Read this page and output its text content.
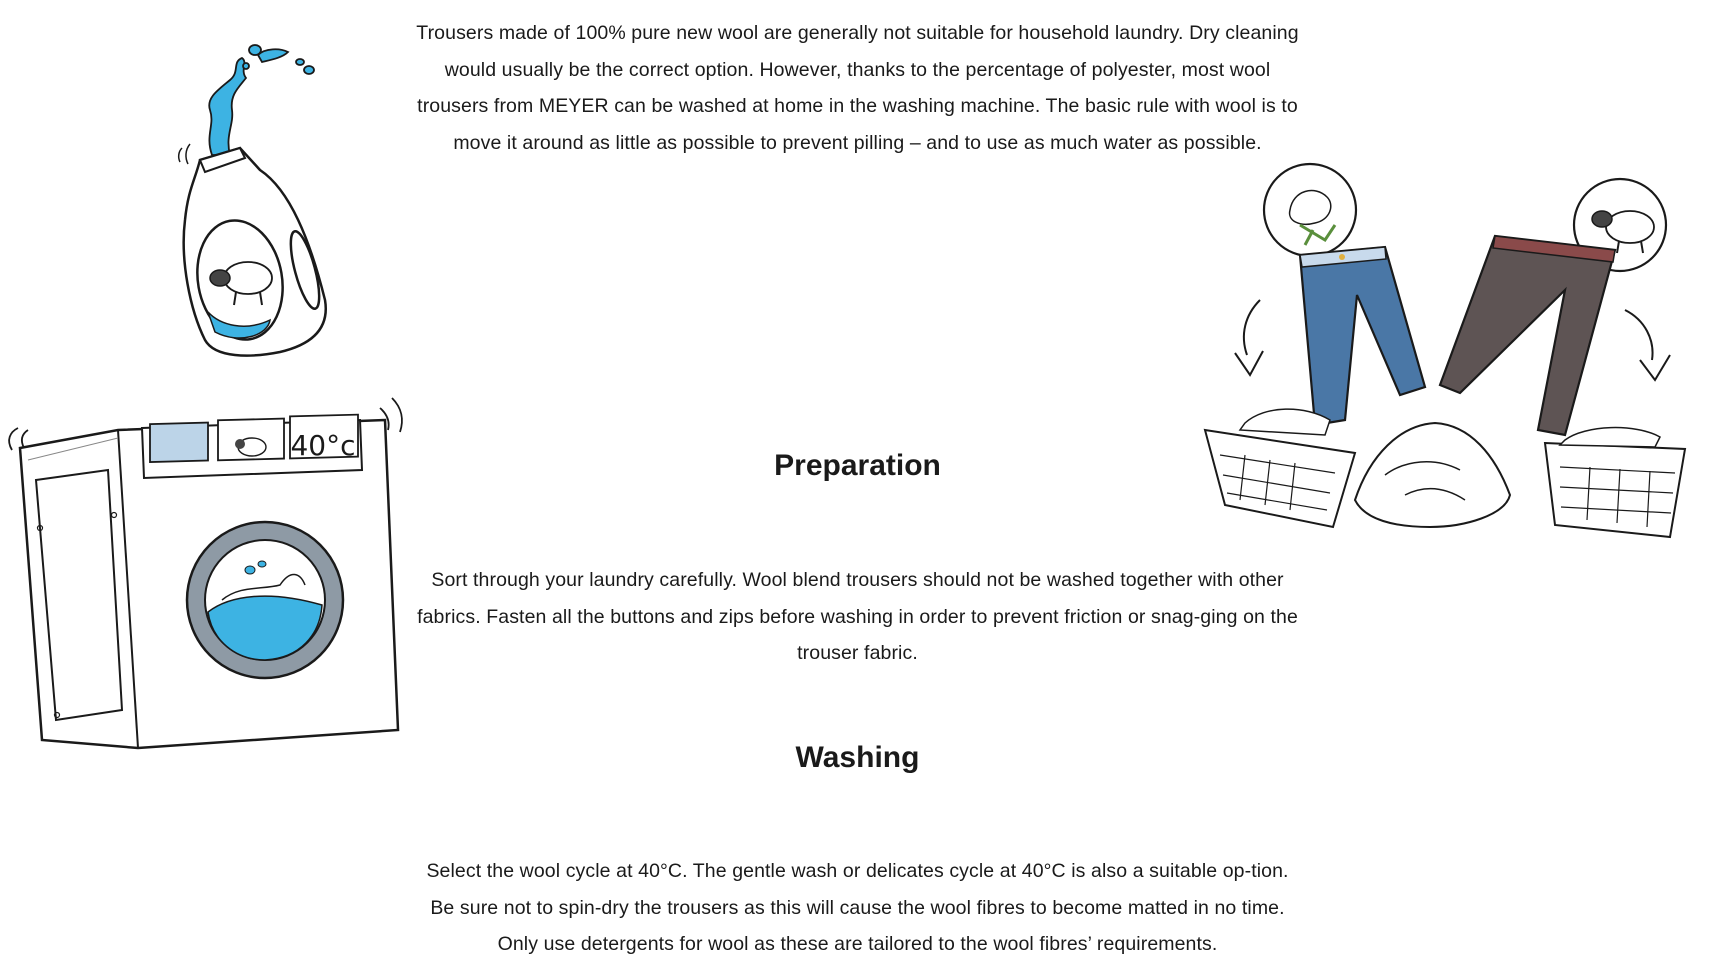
40°c

Trousers made of 100% pure new wool are generally not suitable for household laundry. Dry cleaning would usually be the correct option. However, thanks to the percentage of polyester, most wool trousers from MEYER can be washed at home in the washing machine. The basic rule with wool is to move it around as little as possible to prevent pilling – and to use as much water as possible.

Preparation

Sort through your laundry carefully. Wool blend trousers should not be washed together with other fabrics. Fasten all the buttons and zips before washing in order to prevent friction or snag-ging on the trouser fabric.

Washing

Select the wool cycle at 40°C. The gentle wash or delicates cycle at 40°C is also a suitable op-tion. Be sure not to spin-dry the trousers as this will cause the wool fibres to become matted in no time. Only use detergents for wool as these are tailored to the wool fibres’ requirements.
